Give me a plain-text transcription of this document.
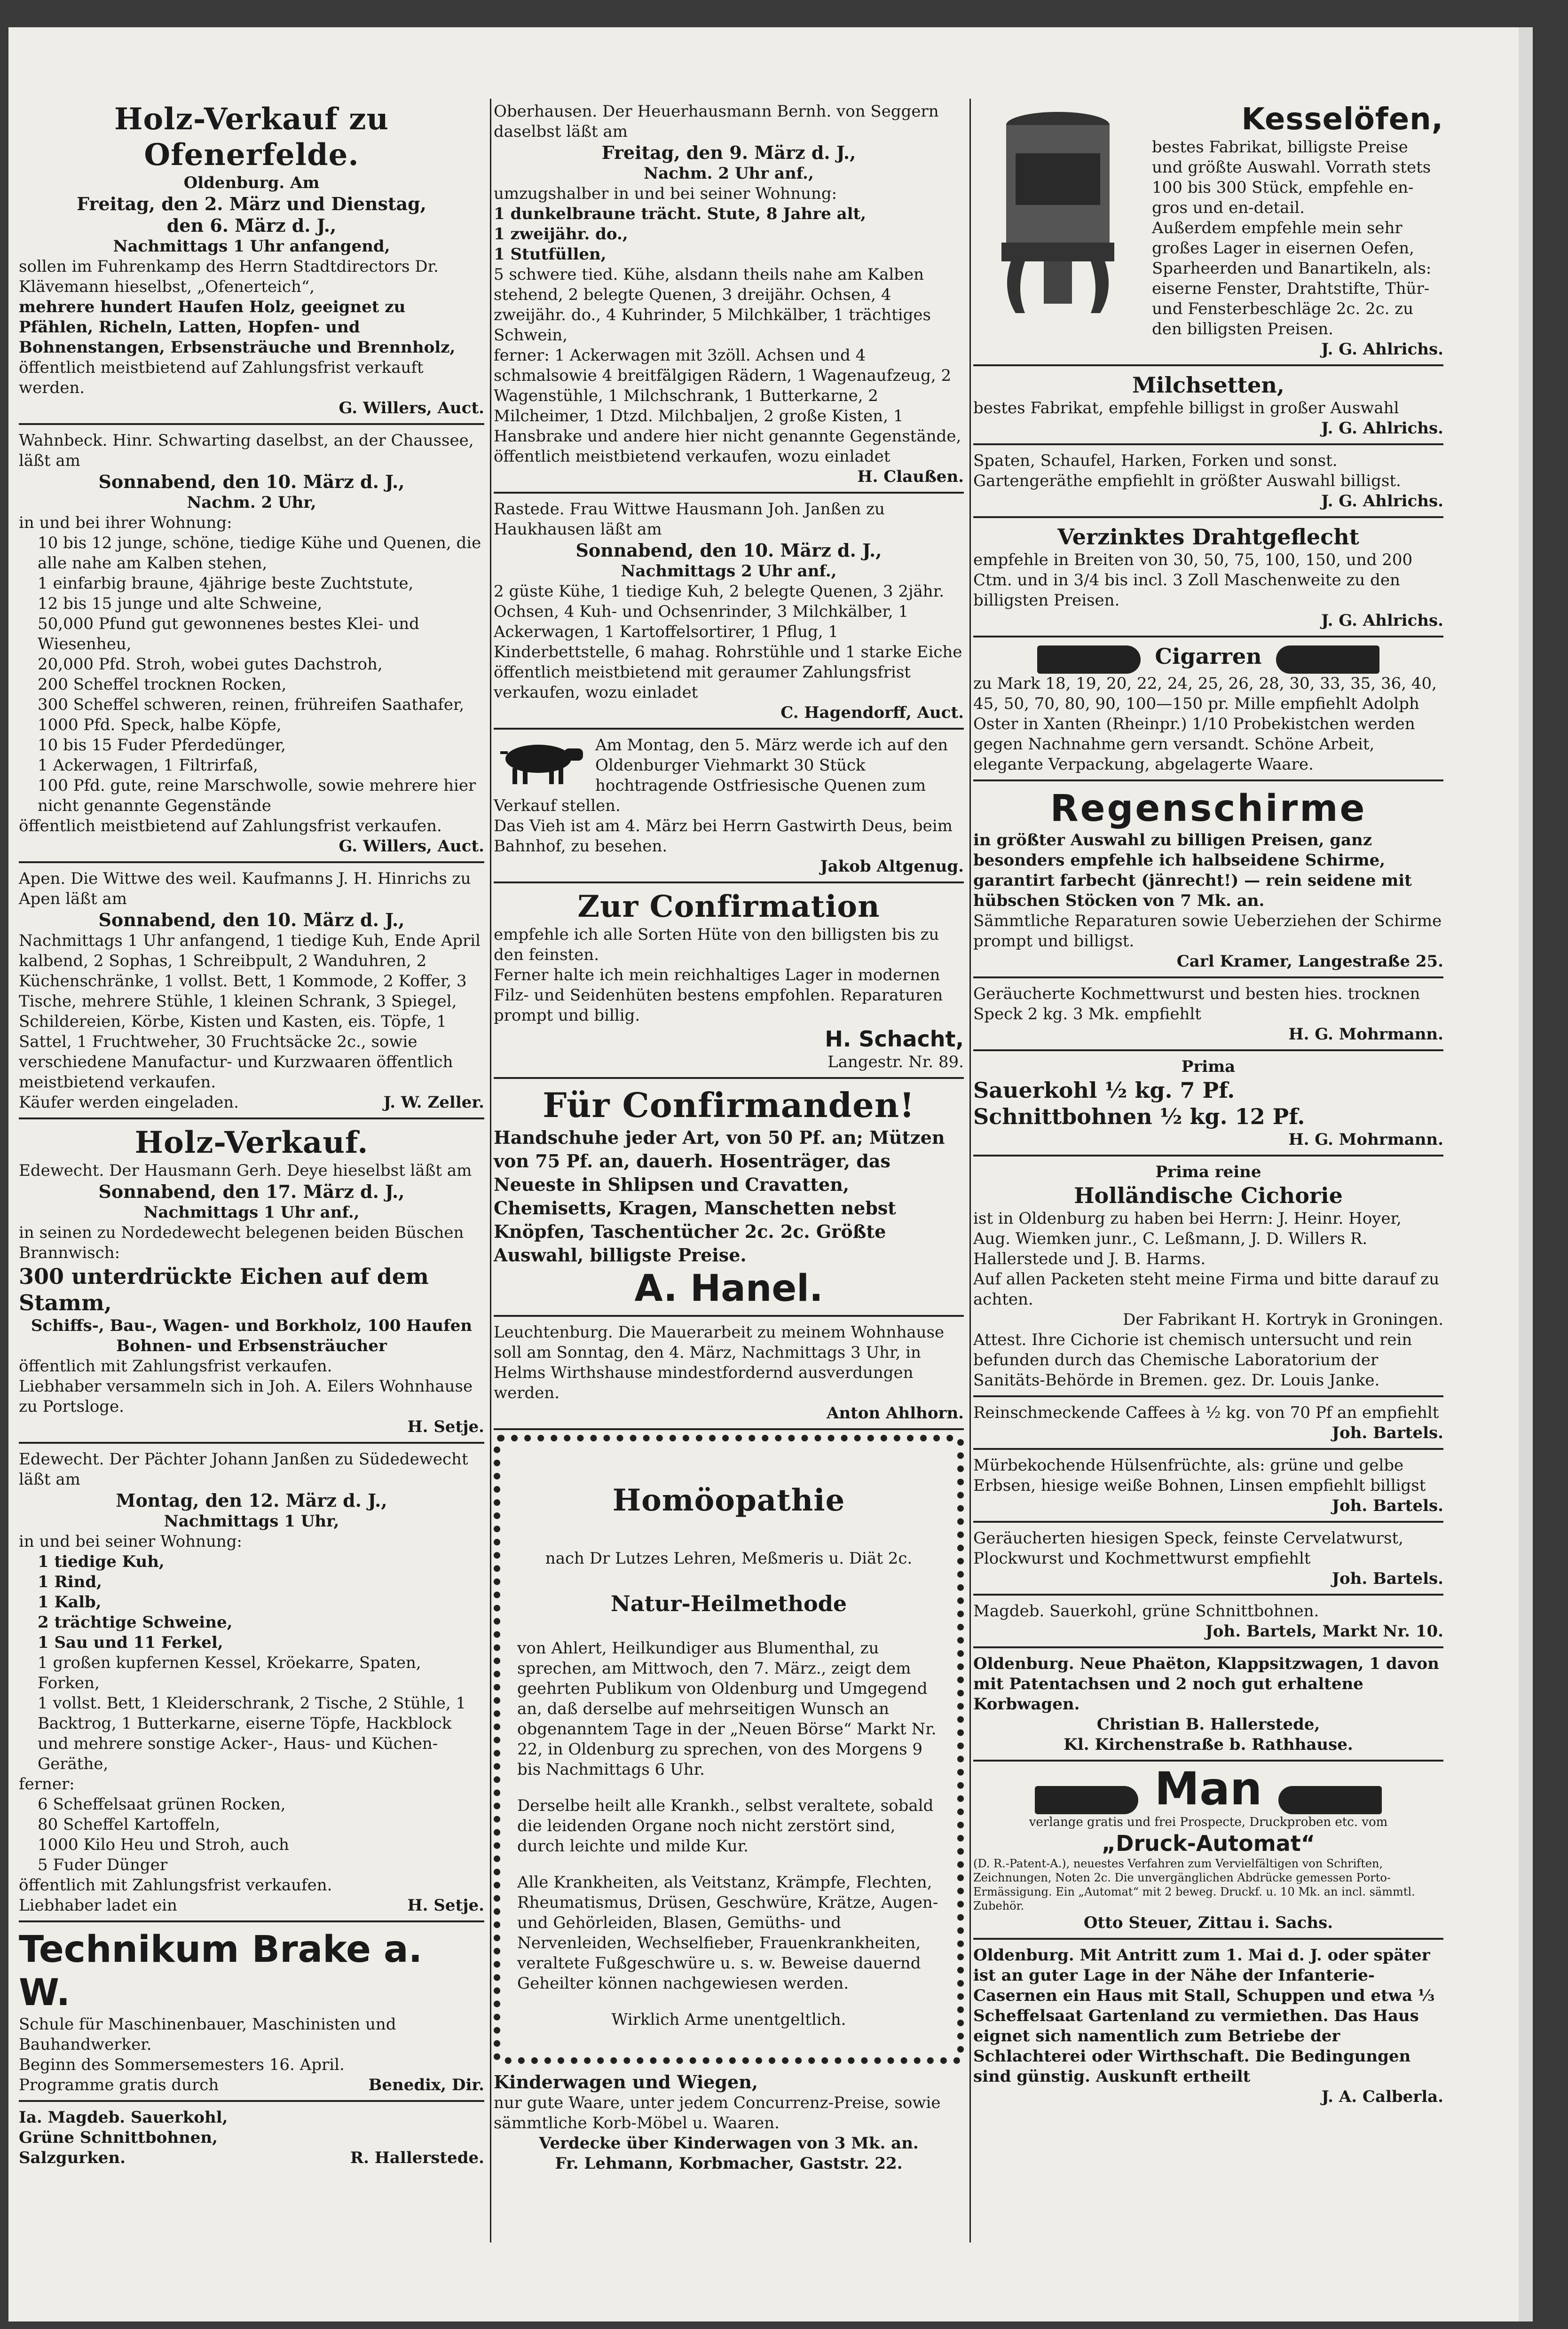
Holz-Verkauf zu Ofenerfelde.

Oldenburg. Am

Freitag, den 2. März und Dienstag,

den 6. März d. J.,

Nachmittags 1 Uhr anfangend,

sollen im Fuhrenkamp des Herrn Stadtdirectors Dr. Klävemann hieselbst, „Ofenerteich“,

mehrere hundert Haufen Holz, geeignet zu Pfählen, Richeln, Latten, Hopfen- und Bohnenstangen, Erbsensträuche und Brennholz,

öffentlich meistbietend auf Zahlungsfrist verkauft werden.

G. Willers, Auct.

Wahnbeck. Hinr. Schwarting daselbst, an der Chaussee, läßt am

Sonnabend, den 10. März d. J.,

Nachm. 2 Uhr,

in und bei ihrer Wohnung:

10 bis 12 junge, schöne, tiedige Kühe und Quenen, die alle nahe am Kalben stehen,

1 einfarbig braune, 4jährige beste Zuchtstute,

12 bis 15 junge und alte Schweine,

50,000 Pfund gut gewonnenes bestes Klei- und Wiesenheu,

20,000 Pfd. Stroh, wobei gutes Dachstroh,

200 Scheffel trocknen Rocken,

300 Scheffel schweren, reinen, frühreifen Saathafer,

1000 Pfd. Speck, halbe Köpfe,

10 bis 15 Fuder Pferdedünger,

1 Ackerwagen, 1 Filtrirfaß,

100 Pfd. gute, reine Marschwolle, sowie mehrere hier nicht genannte Gegenstände

öffentlich meistbietend auf Zahlungsfrist verkaufen.

G. Willers, Auct.

Apen. Die Wittwe des weil. Kaufmanns J. H. Hinrichs zu Apen läßt am

Sonnabend, den 10. März d. J.,

Nachmittags 1 Uhr anfangend, 1 tiedige Kuh, Ende April kalbend, 2 Sophas, 1 Schreibpult, 2 Wanduhren, 2 Küchenschränke, 1 vollst. Bett, 1 Kommode, 2 Koffer, 3 Tische, mehrere Stühle, 1 kleinen Schrank, 3 Spiegel, Schildereien, Körbe, Kisten und Kasten, eis. Töpfe, 1 Sattel, 1 Fruchtweher, 30 Fruchtsäcke 2c., sowie verschiedene Manufactur- und Kurzwaaren öffentlich meistbietend verkaufen.

Käufer werden eingeladen.	J. W. Zeller.

Holz-Verkauf.

Edewecht. Der Hausmann Gerh. Deye hieselbst läßt am

Sonnabend, den 17. März d. J.,

Nachmittags 1 Uhr anf.,

in seinen zu Nordedewecht belegenen beiden Büschen Brannwisch:

300 unterdrückte Eichen auf dem Stamm,

Schiffs-, Bau-, Wagen- und Borkholz, 100 Haufen Bohnen- und Erbsensträucher

öffentlich mit Zahlungsfrist verkaufen.

Liebhaber versammeln sich in Joh. A. Eilers Wohnhause zu Portsloge.

H. Setje.

Edewecht. Der Pächter Johann Janßen zu Südedewecht läßt am

Montag, den 12. März d. J.,

Nachmittags 1 Uhr,

in und bei seiner Wohnung:

1 tiedige Kuh,

1 Rind,

1 Kalb,

2 trächtige Schweine,

1 Sau und 11 Ferkel,

1 großen kupfernen Kessel, Kröekarre, Spaten, Forken,

1 vollst. Bett, 1 Kleiderschrank, 2 Tische, 2 Stühle, 1 Backtrog, 1 Butterkarne, eiserne Töpfe, Hackblock und mehrere sonstige Acker-, Haus- und Küchen-Geräthe,

ferner:

6 Scheffelsaat grünen Rocken,

80 Scheffel Kartoffeln,

1000 Kilo Heu und Stroh, auch

5 Fuder Dünger

öffentlich mit Zahlungsfrist verkaufen.

Liebhaber ladet ein	H. Setje.

Technikum Brake a. W.

Schule für Maschinenbauer, Maschinisten und Bauhandwerker.

Beginn des Sommersemesters 16. April.

Programme gratis durch	Benedix, Dir.

Ia. Magdeb. Sauerkohl,

Grüne Schnittbohnen,

Salzgurken.	R. Hallerstede.

Oberhausen. Der Heuerhausmann Bernh. von Seggern daselbst läßt am

Freitag, den 9. März d. J.,

Nachm. 2 Uhr anf.,

umzugshalber in und bei seiner Wohnung:

1 dunkelbraune trächt. Stute, 8 Jahre alt,

1 zweijähr. do.,

1 Stutfüllen,

5 schwere tied. Kühe, alsdann theils nahe am Kalben stehend, 2 belegte Quenen, 3 dreijähr. Ochsen, 4 zweijähr. do., 4 Kuhrinder, 5 Milchkälber, 1 trächtiges Schwein,

ferner: 1 Ackerwagen mit 3zöll. Achsen und 4 schmalsowie 4 breitfälgigen Rädern, 1 Wagenaufzeug, 2 Wagenstühle, 1 Milchschrank, 1 Butterkarne, 2 Milcheimer, 1 Dtzd. Milchbaljen, 2 große Kisten, 1 Hansbrake und andere hier nicht genannte Gegenstände, öffentlich meistbietend verkaufen, wozu einladet

H. Claußen.

Rastede. Frau Wittwe Hausmann Joh. Janßen zu Haukhausen läßt am

Sonnabend, den 10. März d. J.,

Nachmittags 2 Uhr anf.,

2 güste Kühe, 1 tiedige Kuh, 2 belegte Quenen, 3 2jähr. Ochsen, 4 Kuh- und Ochsenrinder, 3 Milchkälber, 1 Ackerwagen, 1 Kartoffelsortirer, 1 Pflug, 1 Kinderbettstelle, 6 mahag. Rohrstühle und 1 starke Eiche öffentlich meistbietend mit geraumer Zahlungsfrist verkaufen, wozu einladet

C. Hagendorff, Auct.

Am Montag, den 5. März werde ich auf den Oldenburger Viehmarkt 30 Stück hochtragende Ostfriesische Quenen zum Verkauf stellen.

Das Vieh ist am 4. März bei Herrn Gastwirth Deus, beim Bahnhof, zu besehen.

Jakob Altgenug.

Zur Confirmation

empfehle ich alle Sorten Hüte von den billigsten bis zu den feinsten.

Ferner halte ich mein reichhaltiges Lager in modernen Filz- und Seidenhüten bestens empfohlen. Reparaturen prompt und billig.

H. Schacht,

Langestr. Nr. 89.

Für Confirmanden!

Handschuhe jeder Art, von 50 Pf. an; Mützen von 75 Pf. an, dauerh. Hosenträger, das Neueste in Shlipsen und Cravatten, Chemisetts, Kragen, Manschetten nebst Knöpfen, Taschentücher 2c. 2c. Größte Auswahl, billigste Preise.

A. Hanel.

Leuchtenburg. Die Mauerarbeit zu meinem Wohnhause soll am Sonntag, den 4. März, Nachmittags 3 Uhr, in Helms Wirthshause mindestfordernd ausverdungen werden.

Anton Ahlhorn.

Homöopathie

nach Dr Lutzes Lehren, Meßmeris u. Diät 2c.

Natur-Heilmethode

von Ahlert, Heilkundiger aus Blumenthal, zu sprechen, am Mittwoch, den 7. März., zeigt dem geehrten Publikum von Oldenburg und Umgegend an, daß derselbe auf mehrseitigen Wunsch an obgenanntem Tage in der „Neuen Börse“ Markt Nr. 22, in Oldenburg zu sprechen, von des Morgens 9 bis Nachmittags 6 Uhr.

Derselbe heilt alle Krankh., selbst veraltete, sobald die leidenden Organe noch nicht zerstört sind, durch leichte und milde Kur.

Alle Krankheiten, als Veitstanz, Krämpfe, Flechten, Rheumatismus, Drüsen, Geschwüre, Krätze, Augen- und Gehörleiden, Blasen, Gemüths- und Nervenleiden, Wechselfieber, Frauenkrankheiten, veraltete Fußgeschwüre u. s. w. Beweise dauernd Geheilter können nachgewiesen werden.

Wirklich Arme unentgeltlich.

Kinderwagen und Wiegen,

nur gute Waare, unter jedem Concurrenz-Preise, sowie sämmtliche Korb-Möbel u. Waaren.

Verdecke über Kinderwagen von 3 Mk. an.

Fr. Lehmann, Korbmacher, Gaststr. 22.

Kesselöfen,

bestes Fabrikat, billigste Preise und größte Auswahl. Vorrath stets 100 bis 300 Stück, empfehle en-gros und en-detail.

Außerdem empfehle mein sehr großes Lager in eisernen Oefen, Sparheerden und Banartikeln, als: eiserne Fenster, Drahtstifte, Thür- und Fensterbeschläge 2c. 2c. zu den billigsten Preisen.

J. G. Ahlrichs.

Milchsetten,

bestes Fabrikat, empfehle billigst in großer Auswahl

J. G. Ahlrichs.

Spaten, Schaufel, Harken, Forken und sonst. Gartengeräthe empfiehlt in größter Auswahl billigst.

J. G. Ahlrichs.

Verzinktes Drahtgeflecht

empfehle in Breiten von 30, 50, 75, 100, 150, und 200 Ctm. und in 3/4 bis incl. 3 Zoll Maschenweite zu den billigsten Preisen.

J. G. Ahlrichs.

Cigarren

zu Mark 18, 19, 20, 22, 24, 25, 26, 28, 30, 33, 35, 36, 40, 45, 50, 70, 80, 90, 100—150 pr. Mille empfiehlt Adolph Oster in Xanten (Rheinpr.) 1/10 Probekistchen werden gegen Nachnahme gern versandt. Schöne Arbeit, elegante Verpackung, abgelagerte Waare.

Regenschirme

in größter Auswahl zu billigen Preisen, ganz besonders empfehle ich halbseidene Schirme, garantirt farbecht (jänrecht!) — rein seidene mit hübschen Stöcken von 7 Mk. an.

Sämmtliche Reparaturen sowie Ueberziehen der Schirme prompt und billigst.

Carl Kramer, Langestraße 25.

Geräucherte Kochmettwurst und besten hies. trocknen Speck 2 kg. 3 Mk. empfiehlt

H. G. Mohrmann.

Prima

Sauerkohl ½ kg. 7 Pf.

Schnittbohnen ½ kg. 12 Pf.

H. G. Mohrmann.

Prima reine

Holländische Cichorie

ist in Oldenburg zu haben bei Herrn: J. Heinr. Hoyer, Aug. Wiemken junr., C. Leßmann, J. D. Willers R. Hallerstede und J. B. Harms.

Auf allen Packeten steht meine Firma und bitte darauf zu achten.

Der Fabrikant H. Kortryk in Groningen.

Attest. Ihre Cichorie ist chemisch untersucht und rein befunden durch das Chemische Laboratorium der Sanitäts-Behörde in Bremen. gez. Dr. Louis Janke.

Reinschmeckende Caffees à ½ kg. von 70 Pf an empfiehlt

Joh. Bartels.

Mürbekochende Hülsenfrüchte, als: grüne und gelbe Erbsen, hiesige weiße Bohnen, Linsen empfiehlt billigst

Joh. Bartels.

Geräucherten hiesigen Speck, feinste Cervelatwurst, Plockwurst und Kochmettwurst empfiehlt

Joh. Bartels.

Magdeb. Sauerkohl, grüne Schnittbohnen.

Joh. Bartels, Markt Nr. 10.

Oldenburg. Neue Phaëton, Klappsitzwagen, 1 davon mit Patentachsen und 2 noch gut erhaltene Korbwagen.

Christian B. Hallerstede,

Kl. Kirchenstraße b. Rathhause.

Man

verlange gratis und frei Prospecte, Druckproben etc. vom

„Druck-Automat“

(D. R.-Patent-A.), neuestes Verfahren zum Vervielfältigen von Schriften, Zeichnungen, Noten 2c. Die unvergänglichen Abdrücke gemessen Porto-Ermässigung. Ein „Automat“ mit 2 beweg. Druckf. u. 10 Mk. an incl. sämmtl. Zubehör.

Otto Steuer, Zittau i. Sachs.

Oldenburg. Mit Antritt zum 1. Mai d. J. oder später ist an guter Lage in der Nähe der Infanterie-Casernen ein Haus mit Stall, Schuppen und etwa ⅓ Scheffelsaat Gartenland zu vermiethen. Das Haus eignet sich namentlich zum Betriebe der Schlachterei oder Wirthschaft. Die Bedingungen sind günstig. Auskunft ertheilt

J. A. Calberla.
